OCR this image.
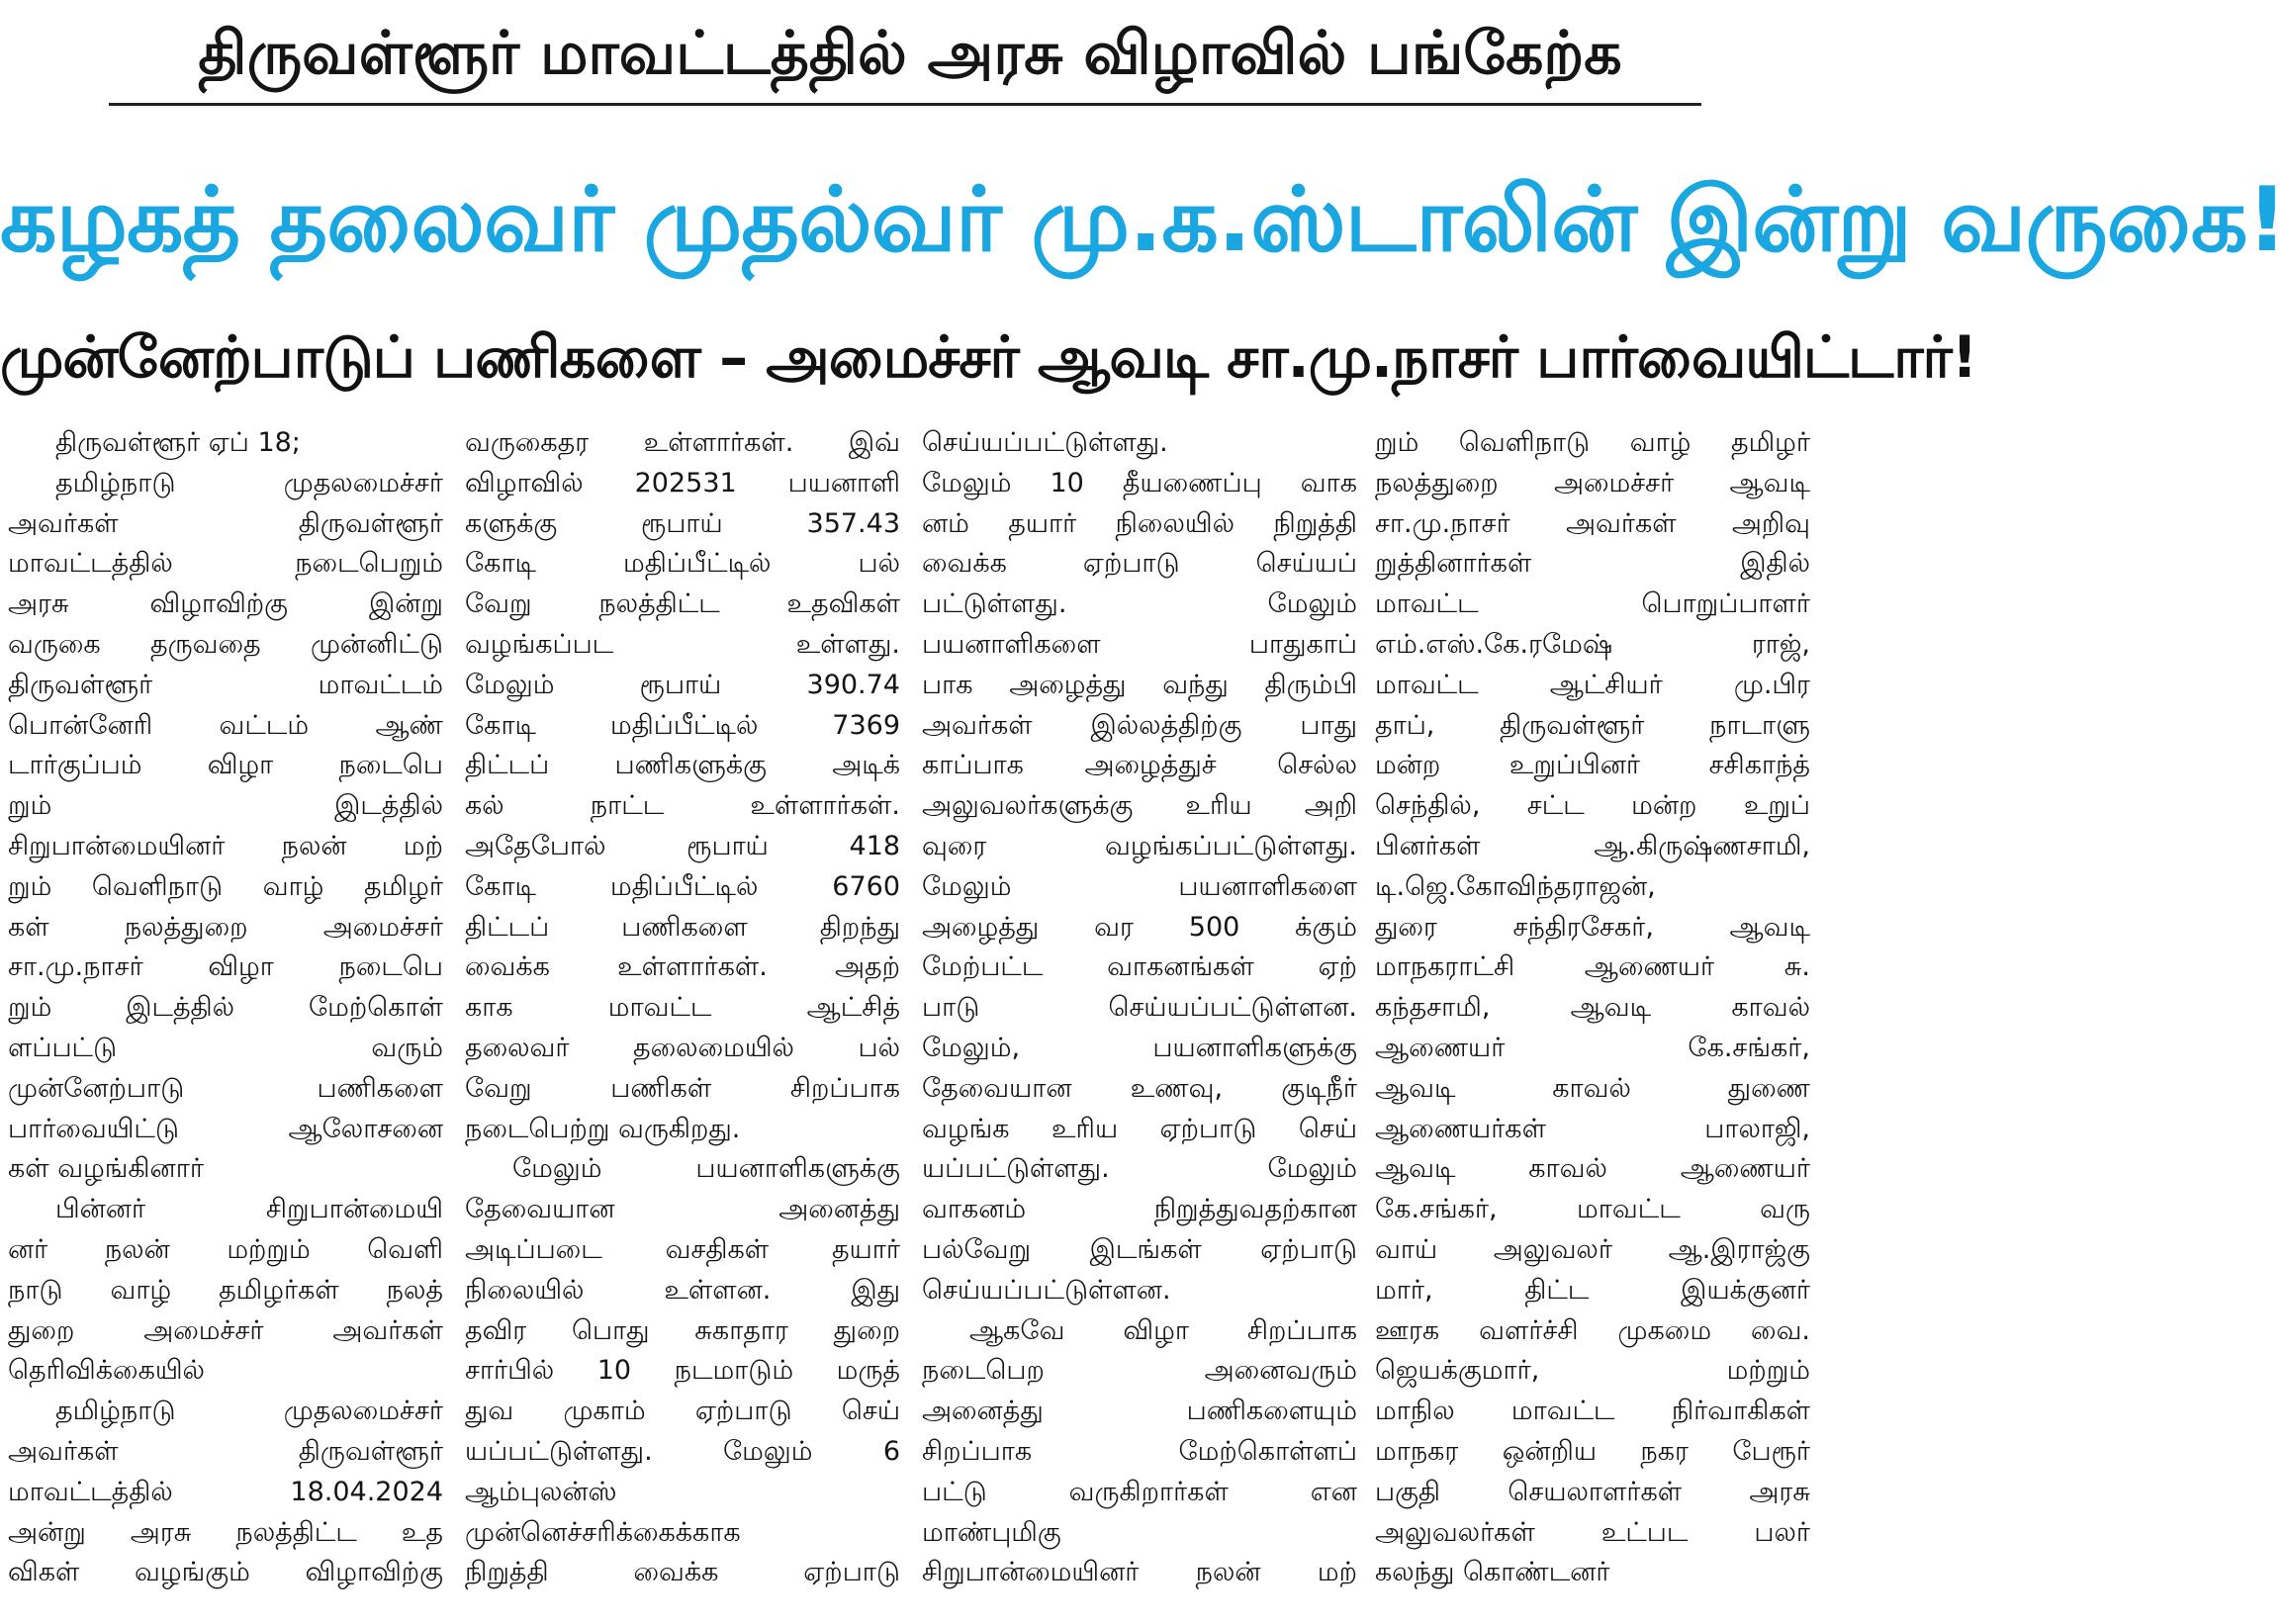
திருவள்ளூர் மாவட்டத்தில் அரசு விழாவில் பங்கேற்க
கழகத் தலைவர் முதல்வர் மு.க.ஸ்டாலின் இன்று வருகை!
முன்னேற்பாடுப் பணிகளை – அமைச்சர் ஆவடி சா.மு.நாசர் பார்வையிட்டார்!
திருவள்ளூர் ஏப் 18;
தமிழ்நாடு முதலமைச்சர்
அவர்கள் திருவள்ளூர்
மாவட்டத்தில் நடைபெறும்
அரசு விழாவிற்கு இன்று
வருகை தருவதை முன்னிட்டு
திருவள்ளூர் மாவட்டம்
பொன்னேரி வட்டம் ஆண்
டார்குப்பம் விழா நடைபெ
றும் இடத்தில்
சிறுபான்மையினர் நலன் மற்
றும் வெளிநாடு வாழ் தமிழர்
கள் நலத்துறை அமைச்சர்
சா.மு.நாசர் விழா நடைபெ
றும் இடத்தில் மேற்கொள்
ளப்பட்டு வரும்
முன்னேற்பாடு பணிகளை
பார்வையிட்டு ஆலோசனை
கள் வழங்கினார்
பின்னர் சிறுபான்மையி
னர் நலன் மற்றும் வெளி
நாடு வாழ் தமிழர்கள் நலத்
துறை அமைச்சர் அவர்கள்
தெரிவிக்கையில்
தமிழ்நாடு முதலமைச்சர்
அவர்கள் திருவள்ளூர்
மாவட்டத்தில் 18.04.2024
அன்று அரசு நலத்திட்ட உத
விகள் வழங்கும் விழாவிற்கு
வருகைதர உள்ளார்கள். இவ்
விழாவில் 202531 பயனாளி
களுக்கு ரூபாய் 357.43
கோடி மதிப்பீட்டில் பல்
வேறு நலத்திட்ட உதவிகள்
வழங்கப்பட உள்ளது.
மேலும் ரூபாய் 390.74
கோடி மதிப்பீட்டில் 7369
திட்டப் பணிகளுக்கு அடிக்
கல் நாட்ட உள்ளார்கள்.
அதேபோல் ரூபாய் 418
கோடி மதிப்பீட்டில் 6760
திட்டப் பணிகளை திறந்து
வைக்க உள்ளார்கள். அதற்
காக மாவட்ட ஆட்சித்
தலைவர் தலைமையில் பல்
வேறு பணிகள் சிறப்பாக
நடைபெற்று வருகிறது.
மேலும் பயனாளிகளுக்கு
தேவையான அனைத்து
அடிப்படை வசதிகள் தயார்
நிலையில் உள்ளன. இது
தவிர பொது சுகாதார துறை
சார்பில் 10 நடமாடும் மருத்
துவ முகாம் ஏற்பாடு செய்
யப்பட்டுள்ளது. மேலும் 6
ஆம்புலன்ஸ்
முன்னெச்சரிக்கைக்காக
நிறுத்தி வைக்க ஏற்பாடு
செய்யப்பட்டுள்ளது.
மேலும் 10 தீயணைப்பு வாக
னம் தயார் நிலையில் நிறுத்தி
வைக்க ஏற்பாடு செய்யப்
பட்டுள்ளது. மேலும்
பயனாளிகளை பாதுகாப்
பாக அழைத்து வந்து திரும்பி
அவர்கள் இல்லத்திற்கு பாது
காப்பாக அழைத்துச் செல்ல
அலுவலர்களுக்கு உரிய அறி
வுரை வழங்கப்பட்டுள்ளது.
மேலும் பயனாளிகளை
அழைத்து வர 500 க்கும்
மேற்பட்ட வாகனங்கள் ஏற்
பாடு செய்யப்பட்டுள்ளன.
மேலும், பயனாளிகளுக்கு
தேவையான உணவு, குடிநீர்
வழங்க உரிய ஏற்பாடு செய்
யப்பட்டுள்ளது. மேலும்
வாகனம் நிறுத்துவதற்கான
பல்வேறு இடங்கள் ஏற்பாடு
செய்யப்பட்டுள்ளன.
ஆகவே விழா சிறப்பாக
நடைபெற அனைவரும்
அனைத்து பணிகளையும்
சிறப்பாக மேற்கொள்ளப்
பட்டு வருகிறார்கள் என
மாண்புமிகு
சிறுபான்மையினர் நலன் மற்
றும் வெளிநாடு வாழ் தமிழர்
நலத்துறை அமைச்சர் ஆவடி
சா.மு.நாசர் அவர்கள் அறிவு
றுத்தினார்கள் இதில்
மாவட்ட பொறுப்பாளர்
எம்.எஸ்.கே.ரமேஷ் ராஜ்,
மாவட்ட ஆட்சியர் மு.பிர
தாப், திருவள்ளூர் நாடாளு
மன்ற உறுப்பினர் சசிகாந்த்
செந்தில், சட்ட மன்ற உறுப்
பினர்கள் ஆ.கிருஷ்ணசாமி,
டி.ஜெ.கோவிந்தராஜன்,
துரை சந்திரசேகர், ஆவடி
மாநகராட்சி ஆணையர் சு.
கந்தசாமி, ஆவடி காவல்
ஆணையர் கே.சங்கர்,
ஆவடி காவல் துணை
ஆணையர்கள் பாலாஜி,
ஆவடி காவல் ஆணையர்
கே.சங்கர், மாவட்ட வரு
வாய் அலுவலர் ஆ.இராஜ்கு
மார், திட்ட இயக்குனர்
ஊரக வளர்ச்சி முகமை வை.
ஜெயக்குமார், மற்றும்
மாநில மாவட்ட நிர்வாகிகள்
மாநகர ஒன்றிய நகர பேரூர்
பகுதி செயலாளர்கள் அரசு
அலுவலர்கள் உட்பட பலர்
கலந்து கொண்டனர்
